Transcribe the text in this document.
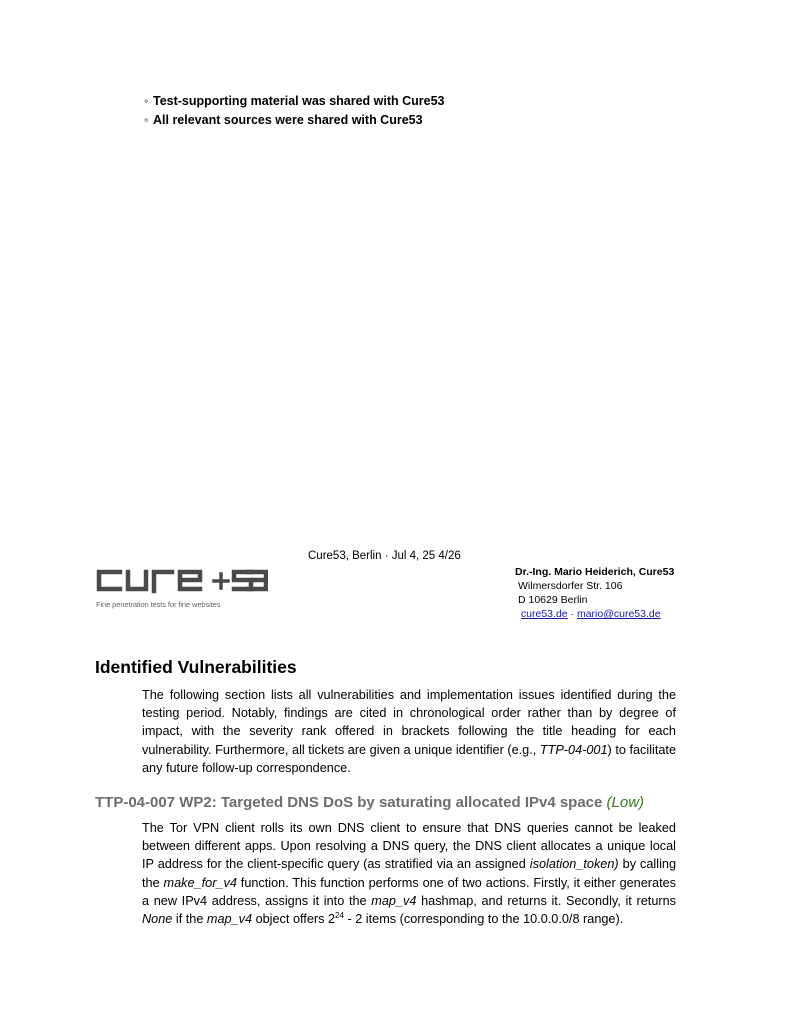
◦ Test-supporting material was shared with Cure53
◦ All relevant sources were shared with Cure53
Cure53, Berlin · Jul 4, 25 4/26
Fine penetration tests for fine websites
Dr.-Ing. Mario Heiderich, Cure53
Wilmersdorfer Str. 106
D 10629 Berlin
cure53.de · mario@cure53.de
Identified Vulnerabilities
The following section lists all vulnerabilities and implementation issues identified during the testing period. Notably, findings are cited in chronological order rather than by degree of impact, with the severity rank offered in brackets following the title heading for each vulnerability. Furthermore, all tickets are given a unique identifier (e.g., TTP-04-001) to facilitate any future follow-up correspondence.
TTP-04-007 WP2: Targeted DNS DoS by saturating allocated IPv4 space (Low)
The Tor VPN client rolls its own DNS client to ensure that DNS queries cannot be leaked between different apps. Upon resolving a DNS query, the DNS client allocates a unique local IP address for the client-specific query (as stratified via an assigned isolation_token) by calling the make_for_v4 function. This function performs one of two actions. Firstly, it either generates a new IPv4 address, assigns it into the map_v4 hashmap, and returns it. Secondly, it returns None if the map_v4 object offers $2^{24} - 2$ items (corresponding to the 10.0.0.0/8 range).
